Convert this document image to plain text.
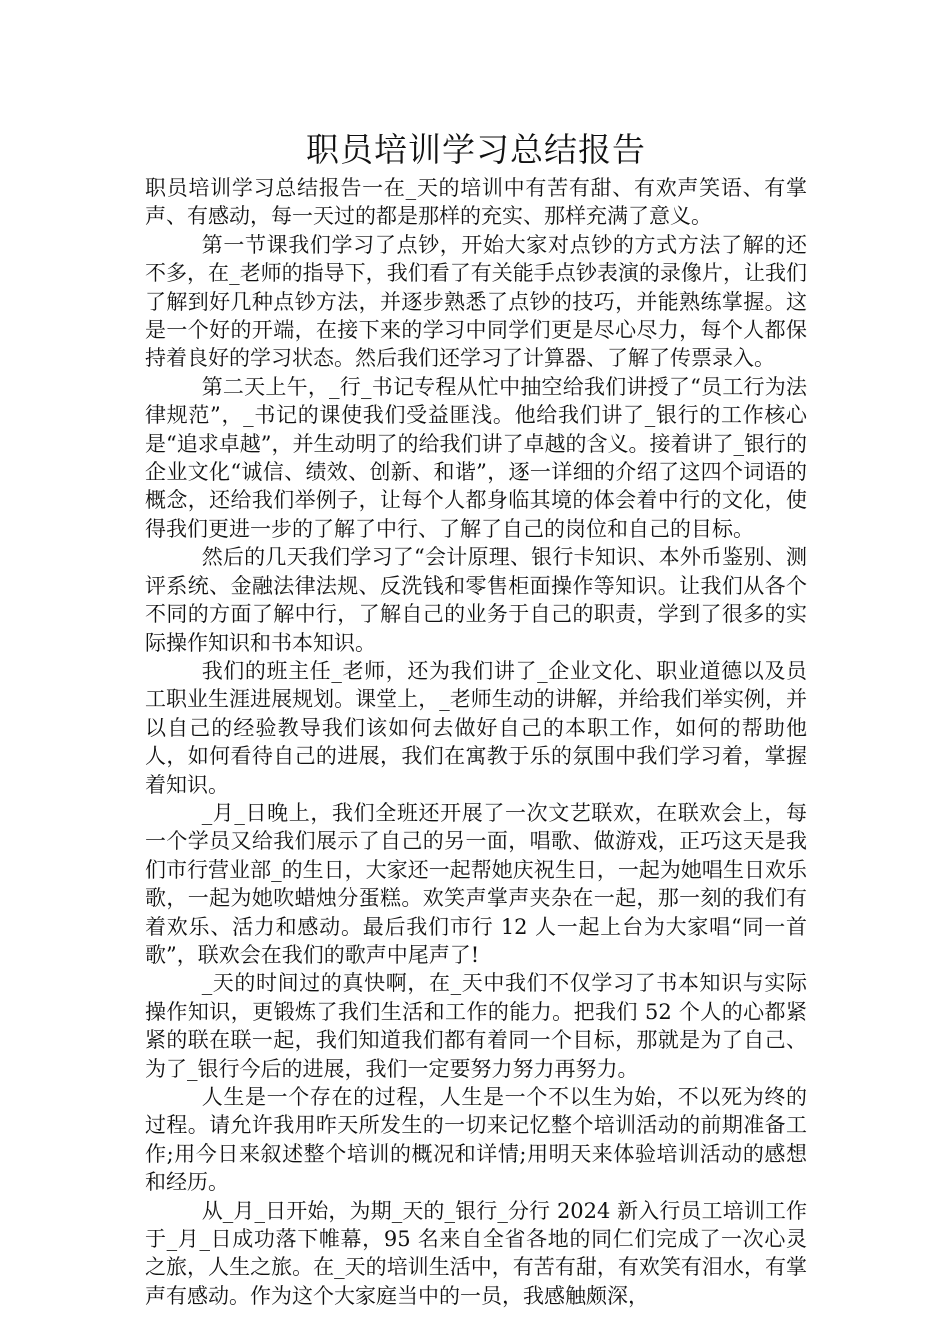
职员培训学习总结报告

职员培训学习总结报告一在_天的培训中有苦有甜、有欢声笑语、有掌声、有感动，每一天过的都是那样的充实、那样充满了意义。

第一节课我们学习了点钞，开始大家对点钞的方式方法了解的还不多，在_老师的指导下，我们看了有关能手点钞表演的录像片，让我们了解到好几种点钞方法，并逐步熟悉了点钞的技巧，并能熟练掌握。这是一个好的开端，在接下来的学习中同学们更是尽心尽力，每个人都保持着良好的学习状态。然后我们还学习了计算器、了解了传票录入。

第二天上午，_行_书记专程从忙中抽空给我们讲授了“员工行为法律规范”，_书记的课使我们受益匪浅。他给我们讲了_银行的工作核心是“追求卓越”，并生动明了的给我们讲了卓越的含义。接着讲了_银行的企业文化“诚信、绩效、创新、和谐”，逐一详细的介绍了这四个词语的概念，还给我们举例子，让每个人都身临其境的体会着中行的文化，使得我们更进一步的了解了中行、了解了自己的岗位和自己的目标。

然后的几天我们学习了“会计原理、银行卡知识、本外币鉴别、测评系统、金融法律法规、反洗钱和零售柜面操作等知识。让我们从各个不同的方面了解中行，了解自己的业务于自己的职责，学到了很多的实际操作知识和书本知识。

我们的班主任_老师，还为我们讲了_企业文化、职业道德以及员工职业生涯进展规划。课堂上，_老师生动的讲解，并给我们举实例，并以自己的经验教导我们该如何去做好自己的本职工作，如何的帮助他人，如何看待自己的进展，我们在寓教于乐的氛围中我们学习着，掌握着知识。

_月_日晚上，我们全班还开展了一次文艺联欢，在联欢会上，每一个学员又给我们展示了自己的另一面，唱歌、做游戏，正巧这天是我们市行营业部_的生日，大家还一起帮她庆祝生日，一起为她唱生日欢乐歌，一起为她吹蜡烛分蛋糕。欢笑声掌声夹杂在一起，那一刻的我们有着欢乐、活力和感动。最后我们市行 12 人一起上台为大家唱“同一首歌”，联欢会在我们的歌声中尾声了!

_天的时间过的真快啊，在_天中我们不仅学习了书本知识与实际操作知识，更锻炼了我们生活和工作的能力。把我们 52 个人的心都紧紧的联在联一起，我们知道我们都有着同一个目标，那就是为了自己、为了_银行今后的进展，我们一定要努力努力再努力。

人生是一个存在的过程，人生是一个不以生为始，不以死为终的过程。请允许我用昨天所发生的一切来记忆整个培训活动的前期准备工作;用今日来叙述整个培训的概况和详情;用明天来体验培训活动的感想和经历。

从_月_日开始，为期_天的_银行_分行 2024 新入行员工培训工作于_月_日成功落下帷幕，95 名来自全省各地的同仁们完成了一次心灵之旅，人生之旅。在_天的培训生活中，有苦有甜，有欢笑有泪水，有掌声有感动。作为这个大家庭当中的一员，我感触颇深，
